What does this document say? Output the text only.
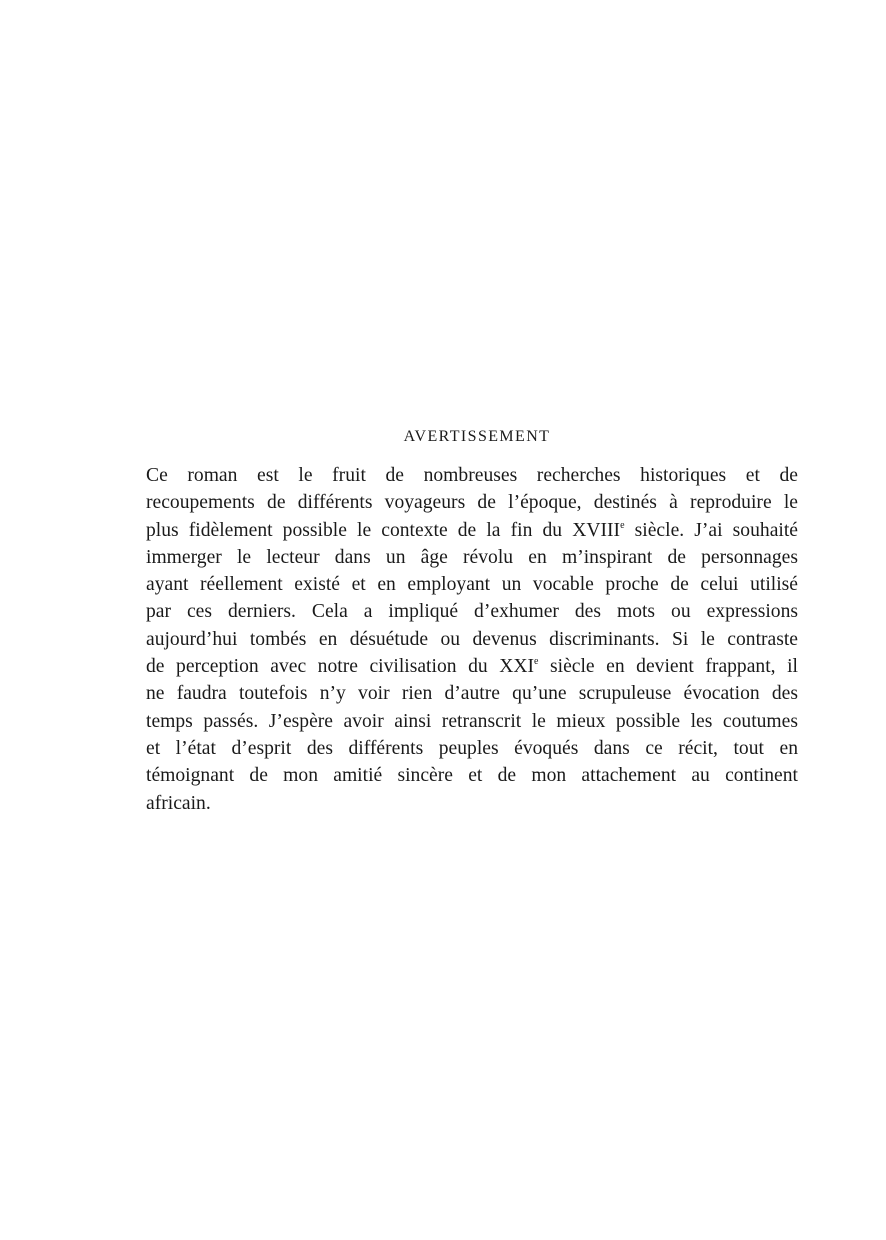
AVERTISSEMENT

Ce roman est le fruit de nombreuses recherches historiques et de
recoupements de différents voyageurs de l’époque, destinés à reproduire le
plus fidèlement possible le contexte de la fin du XVIIIe siècle. J’ai souhaité
immerger le lecteur dans un âge révolu en m’inspirant de personnages
ayant réellement existé et en employant un vocable proche de celui utilisé
par ces derniers. Cela a impliqué d’exhumer des mots ou expressions
aujourd’hui tombés en désuétude ou devenus discriminants. Si le contraste
de perception avec notre civilisation du XXIe siècle en devient frappant, il
ne faudra toutefois n’y voir rien d’autre qu’une scrupuleuse évocation des
temps passés. J’espère avoir ainsi retranscrit le mieux possible les coutumes
et l’état d’esprit des différents peuples évoqués dans ce récit, tout en
témoignant de mon amitié sincère et de mon attachement au continent
africain.
